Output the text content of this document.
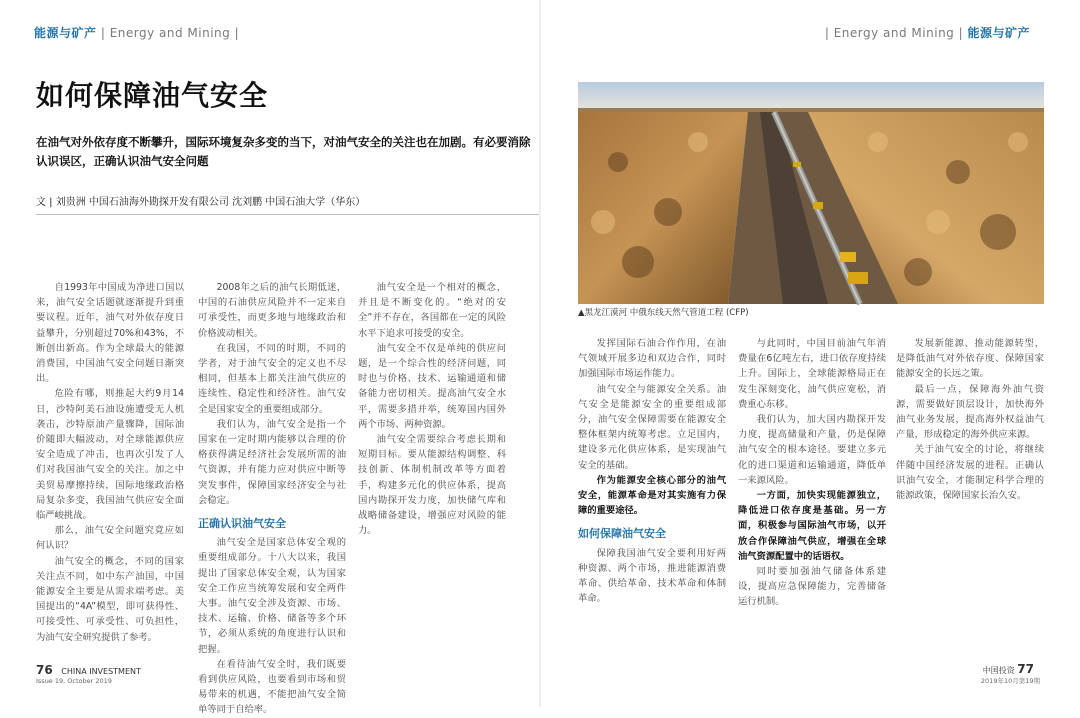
能源与矿产 | Energy and Mining |
如何保障油气安全
在油气对外依存度不断攀升，国际环境复杂多变的当下，对油气安全的关注也在加剧。有必要消除认识误区，正确认识油气安全问题
文 | 刘贵洲 中国石油海外勘探开发有限公司 沈刘鹏 中国石油大学（华东）

自1993年中国成为净进口国以来，油气安全话题就逐渐提升到重要议程。近年，油气对外依存度日益攀升，分别超过70%和43%，不断创出新高。作为全球最大的能源消费国，中国油气安全问题日渐突出。

危险有哪，则推起大约9月14日，沙特阿美石油设施遭受无人机袭击，沙特原油产量骤降，国际油价随即大幅波动，对全球能源供应安全造成了冲击，也再次引发了人们对我国油气安全的关注。加之中美贸易摩擦持续，国际地缘政治格局复杂多变，我国油气供应安全面临严峻挑战。

那么，油气安全问题究竟应如何认识？

油气安全的概念，不同的国家关注点不同，如中东产油国，中国能源安全主要是从需求端考虑。美国提出的“4A”模型，即可获得性、可接受性、可承受性、可负担性，为油气安全研究提供了参考。

2008年之后的油气长期低迷，中国的石油供应风险并不一定来自可承受性，而更多地与地缘政治和价格波动相关。

在我国，不同的时期，不同的学者，对于油气安全的定义也不尽相同，但基本上都关注油气供应的连续性、稳定性和经济性。油气安全是国家安全的重要组成部分。

我们认为，油气安全是指一个国家在一定时期内能够以合理的价格获得满足经济社会发展所需的油气资源，并有能力应对供应中断等突发事件，保障国家经济安全与社会稳定。

正确认识油气安全

油气安全是国家总体安全观的重要组成部分。十八大以来，我国提出了国家总体安全观，认为国家安全工作应当统筹发展和安全两件大事。油气安全涉及资源、市场、技术、运输、价格、储备等多个环节，必须从系统的角度进行认识和把握。

在看待油气安全时，我们既要看到供应风险，也要看到市场和贸易带来的机遇，不能把油气安全简单等同于自给率。

油气安全是一个相对的概念，并且是不断变化的。“绝对的安全”并不存在，各国都在一定的风险水平下追求可接受的安全。

油气安全不仅是单纯的供应问题，是一个综合性的经济问题，同时也与价格、技术、运输通道和储备能力密切相关。提高油气安全水平，需要多措并举，统筹国内国外两个市场、两种资源。

油气安全需要综合考虑长期和短期目标。要从能源结构调整、科技创新、体制机制改革等方面着手，构建多元化的供应体系，提高国内勘探开发力度，加快储气库和战略储备建设，增强应对风险的能力。

76 CHINA INVESTMENT
Issue 19, October 2019
| Energy and Mining | 能源与矿产

发挥国际石油合作作用，在油气领域开展多边和双边合作，同时加强国际市场运作能力。

油气安全与能源安全关系。油气安全是能源安全的重要组成部分，油气安全保障需要在能源安全整体框架内统筹考虑。立足国内，建设多元化供应体系，是实现油气安全的基础。

作为能源安全核心部分的油气安全，能源革命是对其实施有力保障的重要途径。

如何保障油气安全

保障我国油气安全要利用好两种资源、两个市场，推进能源消费革命、供给革命、技术革命和体制革命。

与此同时，中国目前油气年消费量在6亿吨左右，进口依存度持续上升。国际上，全球能源格局正在发生深刻变化，油气供应宽松，消费重心东移。

我们认为，加大国内勘探开发力度，提高储量和产量，仍是保障油气安全的根本途径。要建立多元化的进口渠道和运输通道，降低单一来源风险。

一方面，加快实现能源独立，降低进口依存度是基础。另一方面，积极参与国际油气市场，以开放合作保障油气供应，增强在全球油气资源配置中的话语权。

同时要加强油气储备体系建设，提高应急保障能力，完善储备运行机制。

发展新能源、推动能源转型，是降低油气对外依存度、保障国家能源安全的长远之策。

最后一点，保障海外油气资源，需要做好顶层设计，加快海外油气业务发展，提高海外权益油气产量，形成稳定的海外供应来源。

关于油气安全的讨论，将继续伴随中国经济发展的进程。正确认识油气安全，才能制定科学合理的能源政策，保障国家长治久安。

中国投资 77
2019年10月第19期
▲黑龙江漠河 中俄东线天然气管道工程 (CFP)
